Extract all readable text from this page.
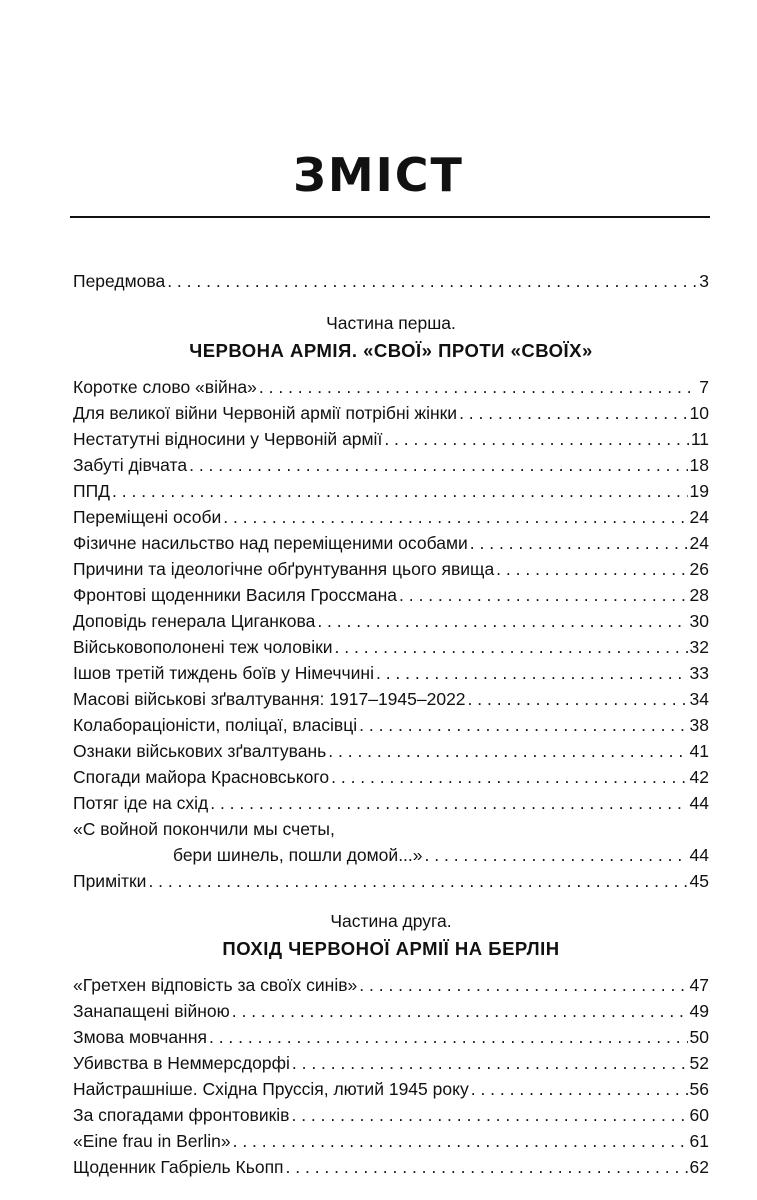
ЗМІСТ
Передмова . . .	3
Частина перша.
ЧЕРВОНА АРМІЯ. «СВОЇ» ПРОТИ «СВОЇХ»
Коротке слово «війна» . . .	7
Для великої війни Червоній армії потрібні жінки . . .	10
Нестатутні відносини у Червоній армії . . .	11
Забуті дівчата . . .	18
ППД . . .	19
Переміщені особи . . .	24
Фізичне насильство над переміщеними особами . . .	24
Причини та ідеологічне обґрунтування цього явища . . .	26
Фронтові щоденники Василя Гроссмана . . .	28
Доповідь генерала Циганкова . . .	30
Військовополонені теж чоловіки . . .	32
Ішов третій тиждень боїв у Німеччині . . .	33
Масові військові зґвалтування: 1917–1945–2022 . . .	34
Колабораціоністи, поліцаї, власівці . . .	38
Ознаки військових зґвалтувань . . .	41
Спогади майора Красновського . . .	42
Потяг іде на схід . . .	44
«С войной покончили мы счеты,
бери шинель, пошли домой...» . . .	44
Примітки . . .	45
Частина друга.
ПОХІД ЧЕРВОНОЇ АРМІЇ НА БЕРЛІН
«Гретхен відповість за своїх синів» . . .	47
Занапащені війною . . .	49
Змова мовчання . . .	50
Убивства в Неммерсдорфі . . .	52
Найстрашніше. Східна Пруссія, лютий 1945 року . . .	56
За спогадами фронтовиків . . .	60
«Eine frau in Berlin» . . .	61
Щоденник Габріель Кьопп . . .	62
